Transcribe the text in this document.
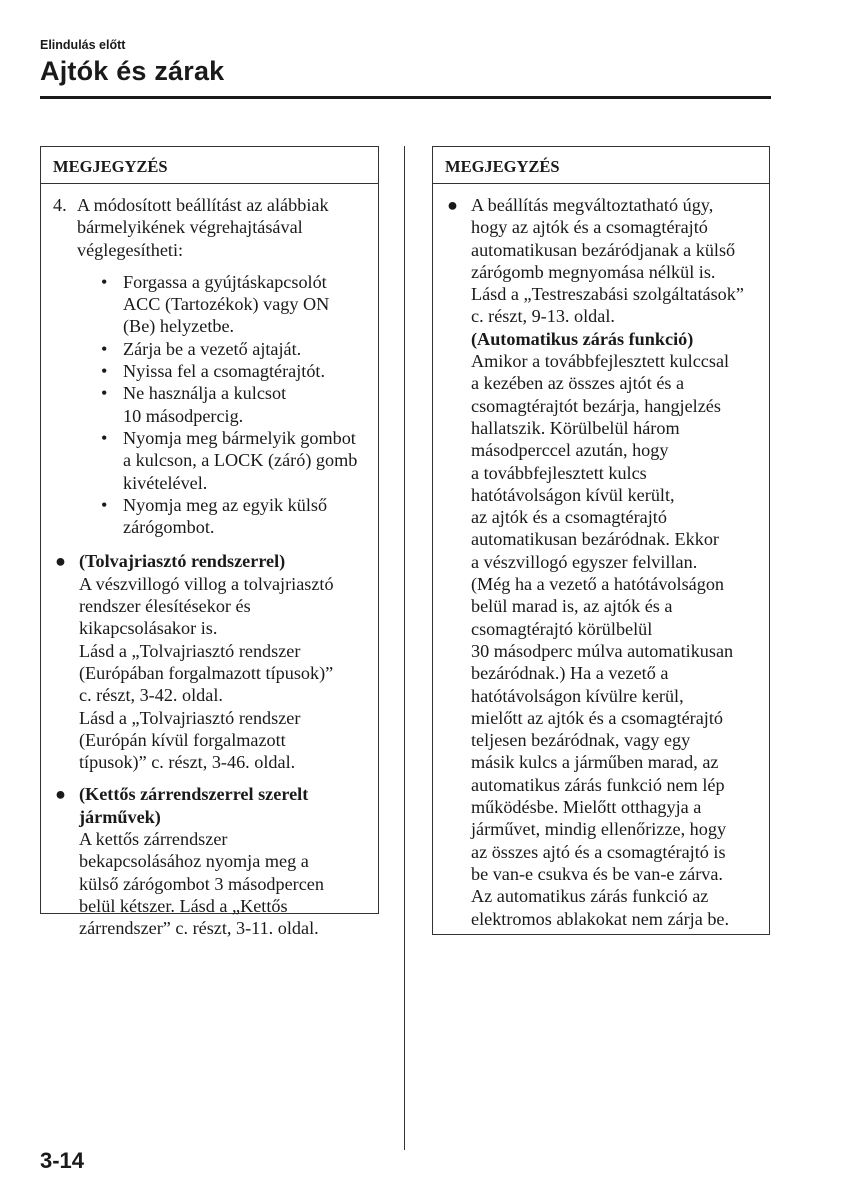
Elindulás előtt
Ajtók és zárak
MEGJEGYZÉS
4. A módosított beállítást az alábbiak
bármelyikének végrehajtásával
véglegesítheti:
• Forgassa a gyújtáskapcsolót
ACC (Tartozékok) vagy ON
(Be) helyzetbe.
• Zárja be a vezető ajtaját.
• Nyissa fel a csomagtérajtót.
• Ne használja a kulcsot
10 másodpercig.
• Nyomja meg bármelyik gombot
a kulcson, a LOCK (záró) gomb
kivételével.
• Nyomja meg az egyik külső
zárógombot.
● (Tolvajriasztó rendszerrel)
A vészvillogó villog a tolvajriasztó
rendszer élesítésekor és
kikapcsolásakor is.
Lásd a „Tolvajriasztó rendszer
(Európában forgalmazott típusok)”
c. részt, 3-42. oldal.
Lásd a „Tolvajriasztó rendszer
(Európán kívül forgalmazott
típusok)” c. részt, 3-46. oldal.
● (Kettős zárrendszerrel szerelt
járművek)
A kettős zárrendszer
bekapcsolásához nyomja meg a
külső zárógombot 3 másodpercen
belül kétszer. Lásd a „Kettős
zárrendszer” c. részt, 3-11. oldal.
MEGJEGYZÉS
● A beállítás megváltoztatható úgy,
hogy az ajtók és a csomagtérajtó
automatikusan bezáródjanak a külső
zárógomb megnyomása nélkül is.
Lásd a „Testreszabási szolgáltatások”
c. részt, 9-13. oldal.
(Automatikus zárás funkció)
Amikor a továbbfejlesztett kulccsal
a kezében az összes ajtót és a
csomagtérajtót bezárja, hangjelzés
hallatszik. Körülbelül három
másodperccel azután, hogy
a továbbfejlesztett kulcs
hatótávolságon kívül került,
az ajtók és a csomagtérajtó
automatikusan bezáródnak. Ekkor
a vészvillogó egyszer felvillan.
(Még ha a vezető a hatótávolságon
belül marad is, az ajtók és a
csomagtérajtó körülbelül
30 másodperc múlva automatikusan
bezáródnak.) Ha a vezető a
hatótávolságon kívülre kerül,
mielőtt az ajtók és a csomagtérajtó
teljesen bezáródnak, vagy egy
másik kulcs a járműben marad, az
automatikus zárás funkció nem lép
működésbe. Mielőtt otthagyja a
járművet, mindig ellenőrizze, hogy
az összes ajtó és a csomagtérajtó is
be van-e csukva és be van-e zárva.
Az automatikus zárás funkció az
elektromos ablakokat nem zárja be.
3-14
